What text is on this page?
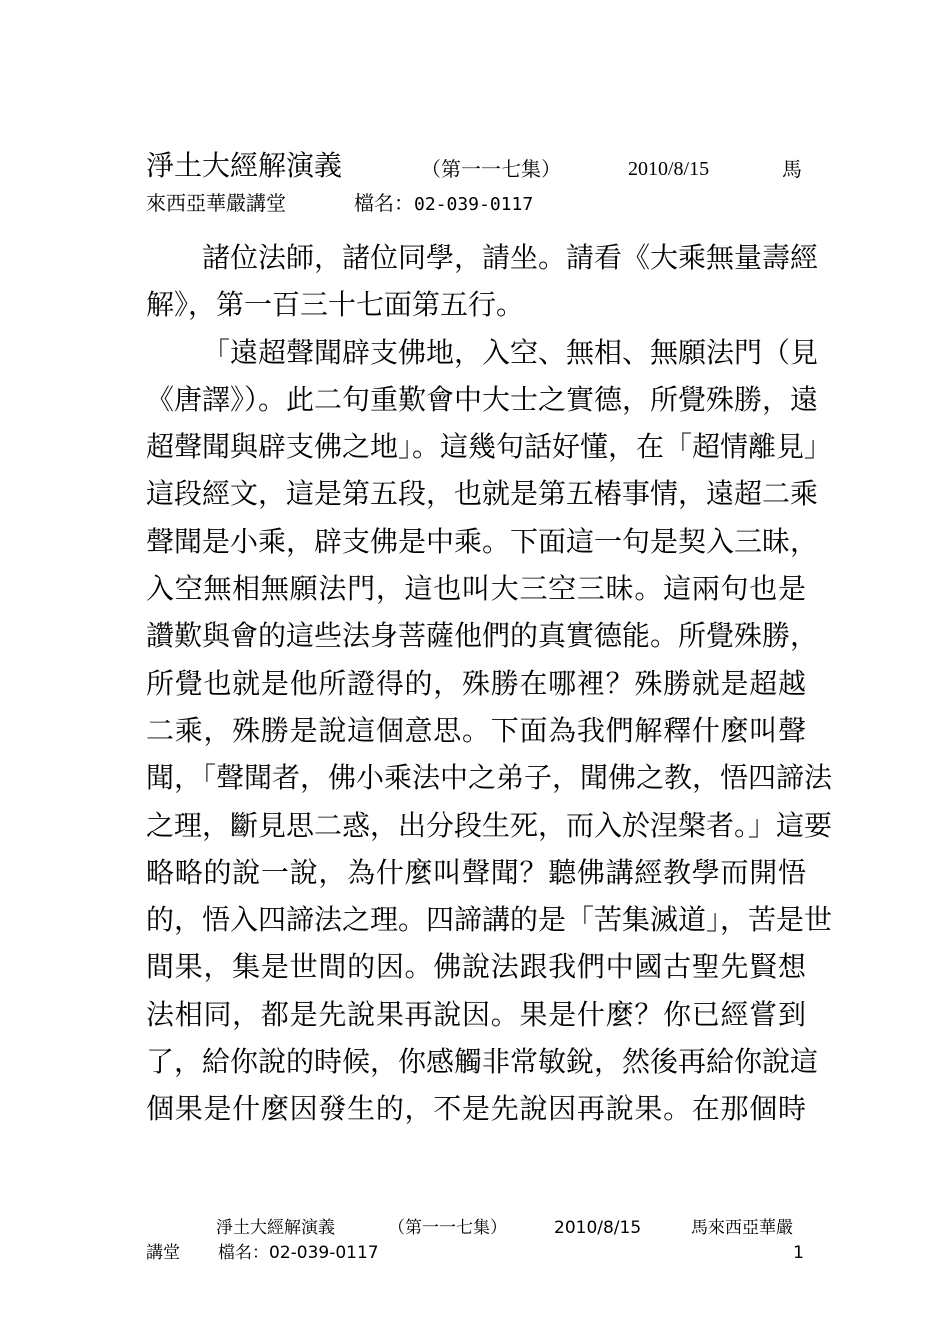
淨土大經解演義	（第一一七集）	2010/8/15	馬
來西亞華嚴講堂	檔名：02-039-0117
諸位法師，諸位同學，請坐。請看《大乘無量壽經
解》，第一百三十七面第五行。
「遠超聲聞辟支佛地，入空、無相、無願法門（見
《唐譯》）。此二句重歎會中大士之實德，所覺殊勝，遠
超聲聞與辟支佛之地」。這幾句話好懂，在「超情離見」
這段經文，這是第五段，也就是第五樁事情，遠超二乘
聲聞是小乘，辟支佛是中乘。下面這一句是契入三昧，
入空無相無願法門，這也叫大三空三昧。這兩句也是
讚歎與會的這些法身菩薩他們的真實德能。所覺殊勝，
所覺也就是他所證得的，殊勝在哪裡？殊勝就是超越
二乘，殊勝是說這個意思。下面為我們解釋什麼叫聲
聞，「聲聞者，佛小乘法中之弟子，聞佛之教，悟四諦法
之理，斷見思二惑，出分段生死，而入於涅槃者。」這要
略略的說一說，為什麼叫聲聞？聽佛講經教學而開悟
的，悟入四諦法之理。四諦講的是「苦集滅道」，苦是世
間果，集是世間的因。佛說法跟我們中國古聖先賢想
法相同，都是先說果再說因。果是什麼？你已經嘗到
了，給你說的時候，你感觸非常敏銳，然後再給你說這
個果是什麼因發生的，不是先說因再說果。在那個時
淨土大經解演義	（第一一七集）	2010/8/15	馬來西亞華嚴
講堂 檔名：02-039-0117	1
